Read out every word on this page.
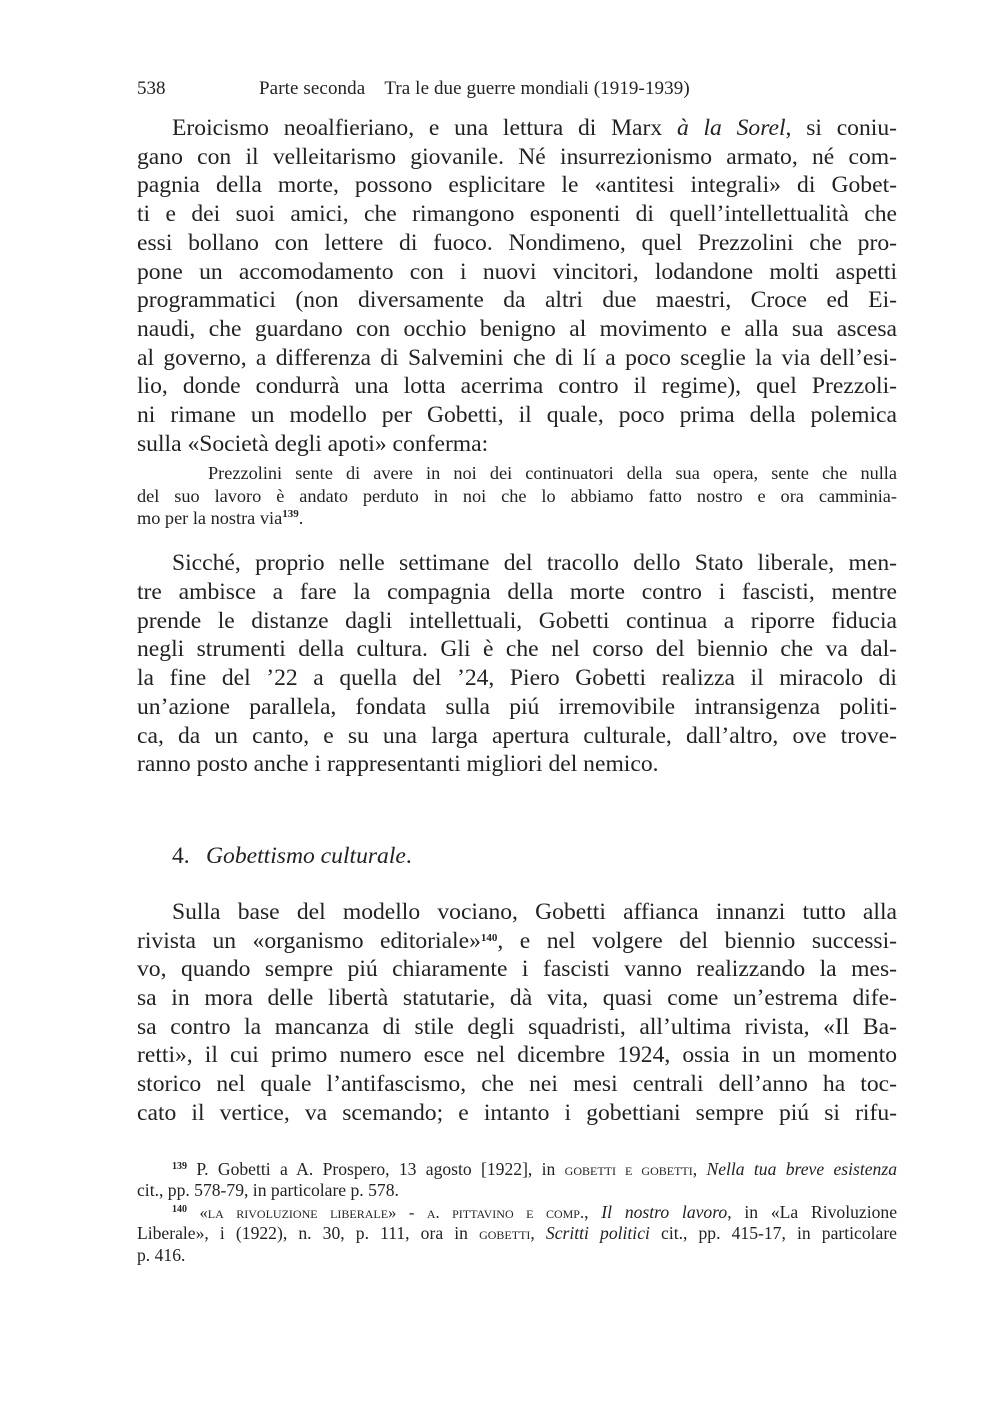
538	Parte seconda    Tra le due guerre mondiali (1919-1939)
Eroicismo neoalfieriano, e una lettura di Marx à la Sorel, si coniu-
gano con il velleitarismo giovanile. Né insurrezionismo armato, né com-
pagnia della morte, possono esplicitare le «antitesi integrali» di Gobet-
ti e dei suoi amici, che rimangono esponenti di quell’intellettualità che
essi bollano con lettere di fuoco. Nondimeno, quel Prezzolini che pro-
pone un accomodamento con i nuovi vincitori, lodandone molti aspetti
programmatici (non diversamente da altri due maestri, Croce ed Ei-
naudi, che guardano con occhio benigno al movimento e alla sua ascesa
al governo, a differenza di Salvemini che di lí a poco sceglie la via dell’esi-
lio, donde condurrà una lotta acerrima contro il regime), quel Prezzoli-
ni rimane un modello per Gobetti, il quale, poco prima della polemica
sulla «Società degli apoti» conferma:
Prezzolini sente di avere in noi dei continuatori della sua opera, sente che nulla
del suo lavoro è andato perduto in noi che lo abbiamo fatto nostro e ora camminia-
mo per la nostra via$^{139}$.
Sicché, proprio nelle settimane del tracollo dello Stato liberale, men-
tre ambisce a fare la compagnia della morte contro i fascisti, mentre
prende le distanze dagli intellettuali, Gobetti continua a riporre fiducia
negli strumenti della cultura. Gli è che nel corso del biennio che va dal-
la fine del ’22 a quella del ’24, Piero Gobetti realizza il miracolo di
un’azione parallela, fondata sulla piú irremovibile intransigenza politi-
ca, da un canto, e su una larga apertura culturale, dall’altro, ove trove-
ranno posto anche i rappresentanti migliori del nemico.
4. Gobettismo culturale.
Sulla base del modello vociano, Gobetti affianca innanzi tutto alla
rivista un «organismo editoriale»$^{140}$, e nel volgere del biennio successi-
vo, quando sempre piú chiaramente i fascisti vanno realizzando la mes-
sa in mora delle libertà statutarie, dà vita, quasi come un’estrema dife-
sa contro la mancanza di stile degli squadristi, all’ultima rivista, «Il Ba-
retti», il cui primo numero esce nel dicembre 1924, ossia in un momento
storico nel quale l’antifascismo, che nei mesi centrali dell’anno ha toc-
cato il vertice, va scemando; e intanto i gobettiani sempre piú si rifu-
$^{139}$ P. Gobetti a A. Prospero, 13 agosto [1922], in gobetti e gobetti, Nella tua breve esistenza
cit., pp. 578-79, in particolare p. 578.
$^{140}$ «la rivoluzione liberale» - a. pittavino e comp., Il nostro lavoro, in «La Rivoluzione
Liberale», i (1922), n. 30, p. 111, ora in gobetti, Scritti politici cit., pp. 415-17, in particolare
p. 416.
